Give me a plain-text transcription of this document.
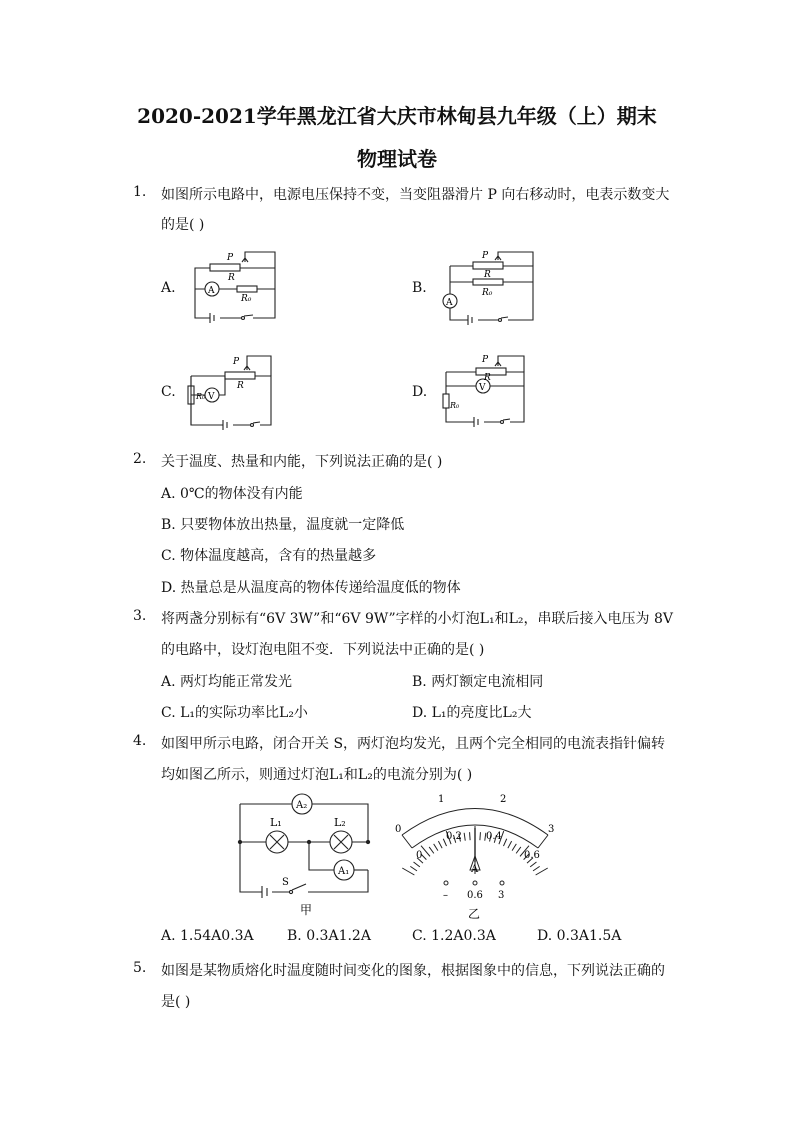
2020-2021学年黑龙江省大庆市林甸县九年级（上）期末
物理试卷
1.	如图所示电路中，电源电压保持不变，当变阻器滑片 P 向右移动时，电表示数变大
的是( )
A.	B.
C.	D.
P
R
R₀
A
P
R
R₀
A
P
R
R₀ V
P
R
R₀
V
2.	关于温度、热量和内能，下列说法正确的是( )
A. 0℃的物体没有内能
B. 只要物体放出热量，温度就一定降低
C. 物体温度越高，含有的热量越多
D. 热量总是从温度高的物体传递给温度低的物体
3.	将两盏分别标有“6V 3W”和“6V 9W”字样的小灯泡L₁和L₂，串联后接入电压为 8V
的电路中，设灯泡电阻不变．下列说法中正确的是( )
A. 两灯均能正常发光	B. 两灯额定电流相同
C. L₁的实际功率比L₂小	D. L₁的亮度比L₂大
4.	如图甲所示电路，闭合开关 S，两灯泡均发光，且两个完全相同的电流表指针偏转
均如图乙所示，则通过灯泡L₁和L₂的电流分别为( )
A₂
A₁
L₁	L₂
S
甲
1	2
0	3
0.2 0.4
0	0.6
A
– 0.6 3
乙
A. 1.54A0.3A B. 0.3A1.2A	C. 1.2A0.3A	D. 0.3A1.5A
5.	如图是某物质熔化时温度随时间变化的图象，根据图象中的信息，下列说法正确的
是( )
